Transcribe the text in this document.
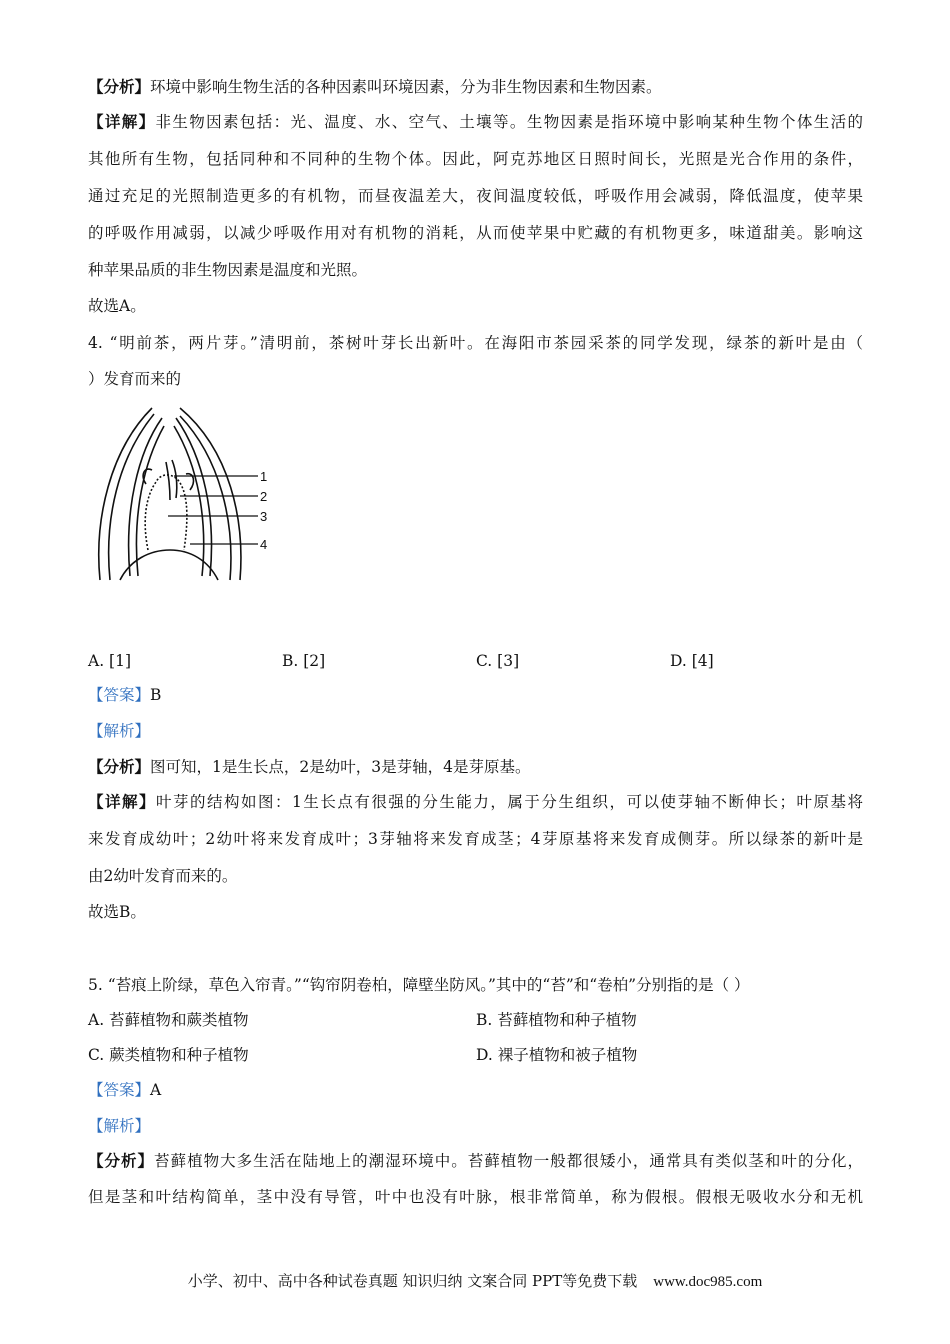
【分析】环境中影响生物生活的各种因素叫环境因素，分为非生物因素和生物因素。
【详解】非生物因素包括：光、温度、水、空气、土壤等。生物因素是指环境中影响某种生物个体生活的
其他所有生物，包括同种和不同种的生物个体。因此，阿克苏地区日照时间长，光照是光合作用的条件，
通过充足的光照制造更多的有机物，而昼夜温差大，夜间温度较低，呼吸作用会减弱，降低温度，使苹果
的呼吸作用减弱，以减少呼吸作用对有机物的消耗，从而使苹果中贮藏的有机物更多，味道甜美。影响这
种苹果品质的非生物因素是温度和光照。
故选A。
4. “明前茶，两片芽。”清明前，茶树叶芽长出新叶。在海阳市茶园采茶的同学发现，绿茶的新叶是由（
）发育而来的
1
2
3
4
A. [1]	B. [2]	C. [3]	D. [4]
【答案】B
【解析】
【分析】图可知，1是生长点，2是幼叶，3是芽轴，4是芽原基。
【详解】叶芽的结构如图：1生长点有很强的分生能力，属于分生组织，可以使芽轴不断伸长；叶原基将
来发育成幼叶；2幼叶将来发育成叶；3芽轴将来发育成茎；4芽原基将来发育成侧芽。所以绿茶的新叶是
由2幼叶发育而来的。
故选B。
5. “苔痕上阶绿，草色入帘青。”“钩帘阴卷柏，障壁坐防风。”其中的“苔”和“卷柏”分别指的是（ ）
A. 苔藓植物和蕨类植物	B. 苔藓植物和种子植物
C. 蕨类植物和种子植物	D. 裸子植物和被子植物
【答案】A
【解析】
【分析】苔藓植物大多生活在陆地上的潮湿环境中。苔藓植物一般都很矮小，通常具有类似茎和叶的分化，
但是茎和叶结构简单，茎中没有导管，叶中也没有叶脉，根非常简单，称为假根。假根无吸收水分和无机
小学、初中、高中各种试卷真题 知识归纳 文案合同 PPT等免费下载 www.doc985.com
